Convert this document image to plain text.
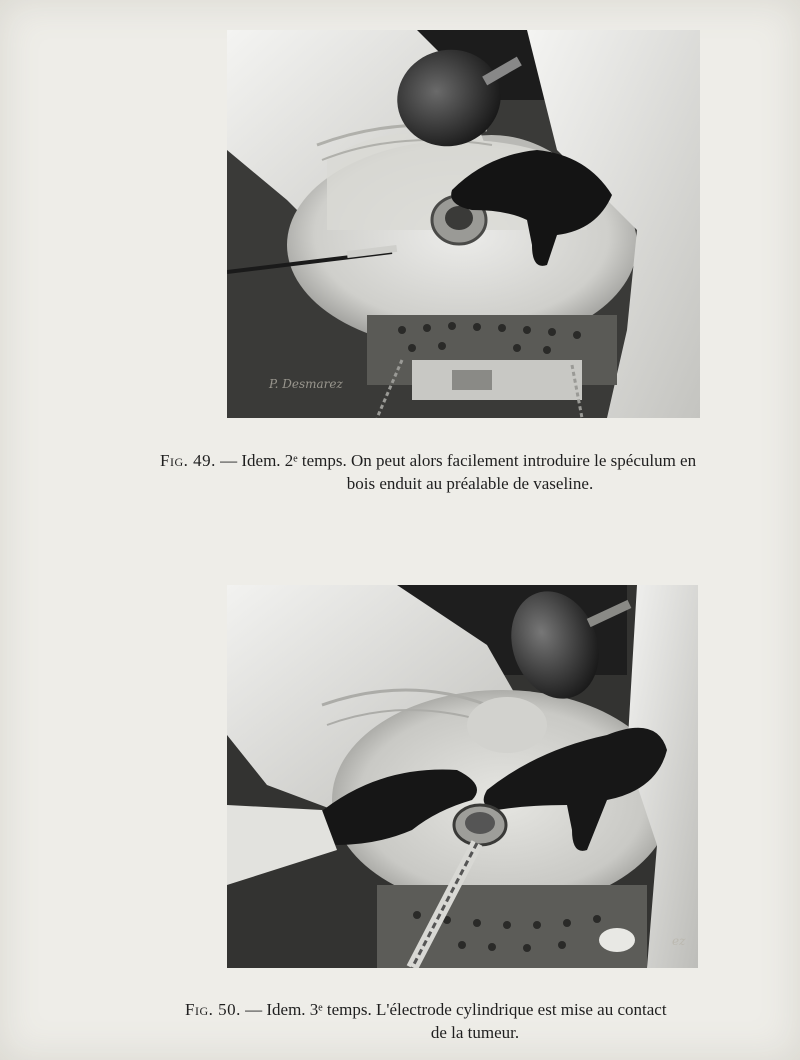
P. Desmarez
Fig. 49. — Idem. 2ᵉ temps. On peut alors facilement introduire le spéculum en
bois enduit au préalable de vaseline.
ez
Fig. 50. — Idem. 3ᵉ temps. L'électrode cylindrique est mise au contact
de la tumeur.
